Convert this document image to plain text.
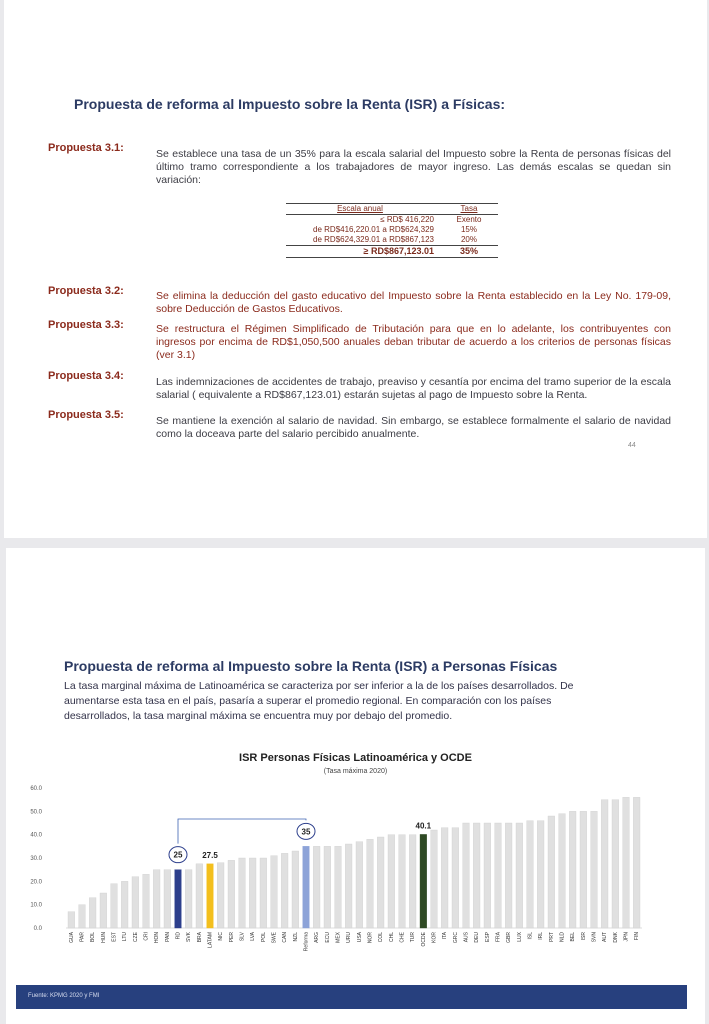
Propuesta de reforma al Impuesto sobre la Renta (ISR) a Físicas:
Propuesta 3.1:	Se establece una tasa de un 35% para la escala salarial del Impuesto sobre la Renta de personas físicas del último tramo correspondiente a los trabajadores de mayor ingreso. Las demás escalas se quedan sin variación:
Escala anual	Tasa
≤ RD$ 416,220	Exento
de RD$416,220.01 a RD$624,329	15%
de RD$624,329.01 a RD$867,123	20%
≥ RD$867,123.01	35%
Propuesta 3.2:	Se elimina la deducción del gasto educativo del Impuesto sobre la Renta establecido en la Ley No. 179-09, sobre Deducción de Gastos Educativos.
Propuesta 3.3:	Se restructura el Régimen Simplificado de Tributación para que en lo adelante, los contribuyentes con ingresos por encima de RD$1,050,500 anuales deban tributar de acuerdo a los criterios de personas físicas (ver 3.1)
Propuesta 3.4:	Las indemnizaciones de accidentes de trabajo, preaviso y cesantía por encima del tramo superior de la escala salarial ( equivalente a RD$867,123.01) estarán sujetas al pago de Impuesto sobre la Renta.
Propuesta 3.5:	Se mantiene la exención al salario de navidad. Sin embargo, se establece formalmente el salario de navidad como la doceava parte del salario percibido anualmente.
44
Propuesta de reforma al Impuesto sobre la Renta (ISR) a Personas Físicas
La tasa marginal máxima de Latinoamérica se caracteriza por ser inferior a la de los países desarrollados. De aumentarse esta tasa en el país, pasaría a superar el promedio regional. En comparación con los países desarrollados, la tasa marginal máxima se encuentra muy por debajo del promedio.
ISR Personas Físicas Latinoamérica y OCDE
(Tasa máxima 2020)
0.0
10.0
20.0
30.0
40.0
50.0
60.0
GUA PAR BOL HUN EST LTU CZE CRI HON PAN RD SVK BRA LATAM NIC PER SLV LVA POL SWE CAN NZL Reforma ARG ECU MEX URU USA NOR COL CHL CHE TUR OCDE KOR ITA GRC AUS DEU ESP FRA GBR LUX ISL IRL PRT NLD BEL ISR SVN AUT DNK JPN FIN
25 27.5
35
40.1
Fuente: KPMG 2020 y FMI
